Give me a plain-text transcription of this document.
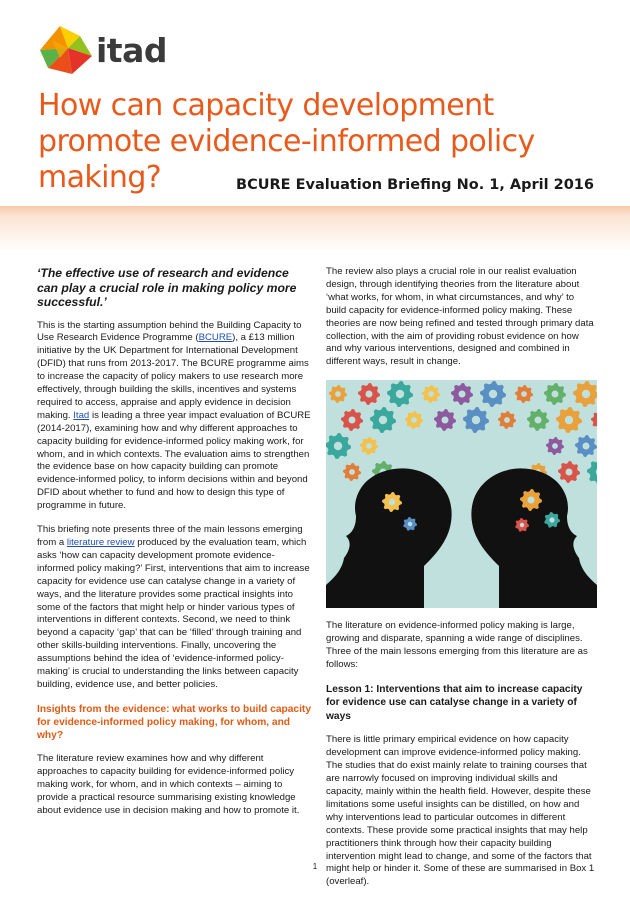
itad
How can capacity development promote evidence-informed policy making?	BCURE Evaluation Briefing No. 1, April 2016

‘The effective use of research and evidence can play a crucial role in making policy more successful.’

This is the starting assumption behind the Building Capacity to Use Research Evidence Programme (BCURE), a £13 million initiative by the UK Department for International Development (DFID) that runs from 2013-2017. The BCURE programme aims to increase the capacity of policy makers to use research more effectively, through building the skills, incentives and systems required to access, appraise and apply evidence in decision making. Itad is leading a three year impact evaluation of BCURE (2014-2017), examining how and why different approaches to capacity building for evidence-informed policy making work, for whom, and in which contexts. The evaluation aims to strengthen the evidence base on how capacity building can promote evidence-informed policy, to inform decisions within and beyond DFID about whether to fund and how to design this type of programme in future.

This briefing note presents three of the main lessons emerging from a literature review produced by the evaluation team, which asks ‘how can capacity development promote evidence-informed policy making?’ First, interventions that aim to increase capacity for evidence use can catalyse change in a variety of ways, and the literature provides some practical insights into some of the factors that might help or hinder various types of interventions in different contexts. Second, we need to think beyond a capacity ‘gap’ that can be ‘filled’ through training and other skills-building interventions. Finally, uncovering the assumptions behind the idea of ‘evidence-informed policy-making’ is crucial to understanding the links between capacity building, evidence use, and better policies.

Insights from the evidence: what works to build capacity for evidence-informed policy making, for whom, and why?

The literature review examines how and why different approaches to capacity building for evidence-informed policy making work, for whom, and in which contexts – aiming to provide a practical resource summarising existing knowledge about evidence use in decision making and how to promote it.

The review also plays a crucial role in our realist evaluation design, through identifying theories from the literature about ‘what works, for whom, in what circumstances, and why’ to build capacity for evidence-informed policy making. These theories are now being refined and tested through primary data collection, with the aim of providing robust evidence on how and why various interventions, designed and combined in different ways, result in change.

The literature on evidence-informed policy making is large, growing and disparate, spanning a wide range of disciplines. Three of the main lessons emerging from this literature are as follows:

Lesson 1: Interventions that aim to increase capacity for evidence use can catalyse change in a variety of ways

There is little primary empirical evidence on how capacity development can improve evidence-informed policy making. The studies that do exist mainly relate to training courses that are narrowly focused on improving individual skills and capacity, mainly within the health field. However, despite these limitations some useful insights can be distilled, on how and why interventions lead to particular outcomes in different contexts. These provide some practical insights that may help practitioners think through how their capacity building intervention might lead to change, and some of the factors that might help or hinder it. Some of these are summarised in Box 1 (overleaf).

1
